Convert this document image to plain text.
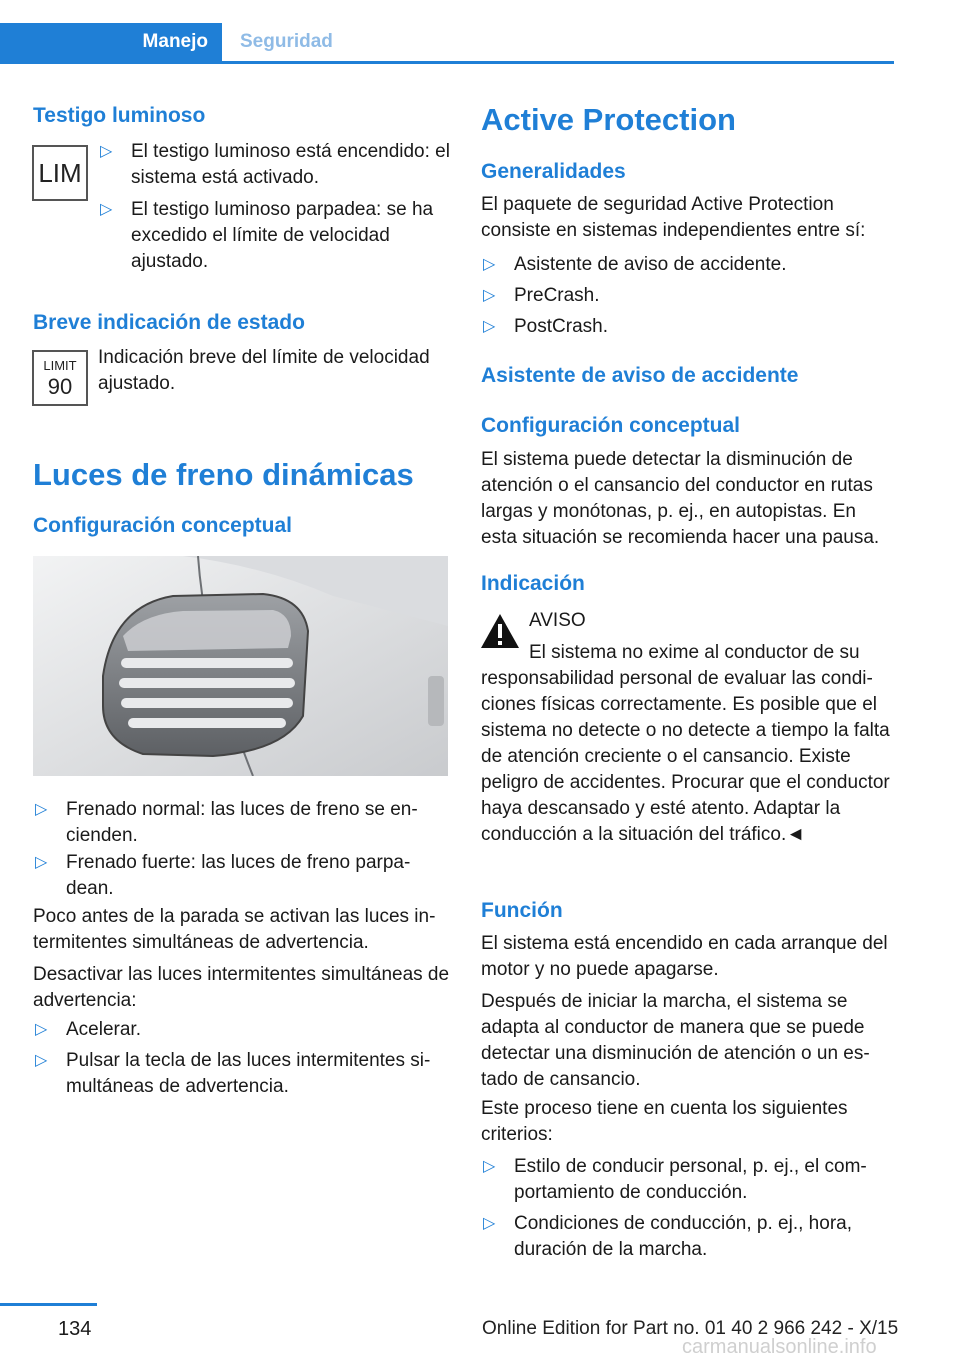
Manejo	Seguridad
Testigo luminoso
LIM
▷ El testigo luminoso está encendido: el sistema está activado.
▷ El testigo luminoso parpadea: se ha excedido el límite de velocidad ajustado.
Breve indicación de estado
LIMIT
90
Indicación breve del límite de velocidad ajustado.
Luces de freno dinámicas
Configuración conceptual
▷ Frenado normal: las luces de freno se encienden.
▷ Frenado fuerte: las luces de freno parpadean.
Poco antes de la parada se activan las luces intermitentes simultáneas de advertencia.
Desactivar las luces intermitentes simultáneas de advertencia:
▷ Acelerar.
▷ Pulsar la tecla de las luces intermitentes simultáneas de advertencia.
Active Protection
Generalidades
El paquete de seguridad Active Protection consiste en sistemas independientes entre sí:
▷ Asistente de aviso de accidente.
▷ PreCrash.
▷ PostCrash.
Asistente de aviso de accidente
Configuración conceptual
El sistema puede detectar la disminución de atención o el cansancio del conductor en rutas largas y monótonas, p. ej., en autopistas. En esta situación se recomienda hacer una pausa.
Indicación
AVISO
El sistema no exime al conductor de su
responsabilidad personal de evaluar las condiciones físicas correctamente. Es posible que el sistema no detecte o no detecte a tiempo la falta de atención creciente o el cansancio. Existe peligro de accidentes. Procurar que el conductor haya descansado y esté atento. Adaptar la conducción a la situación del tráfico.◄
Función
El sistema está encendido en cada arranque del motor y no puede apagarse.
Después de iniciar la marcha, el sistema se adapta al conductor de manera que se puede detectar una disminución de atención o un estado de cansancio.
Este proceso tiene en cuenta los siguientes criterios:
▷ Estilo de conducir personal, p. ej., el comportamiento de conducción.
▷ Condiciones de conducción, p. ej., hora, duración de la marcha.
134	Online Edition for Part no. 01 40 2 966 242 - X/15
carmanualsonline.info
